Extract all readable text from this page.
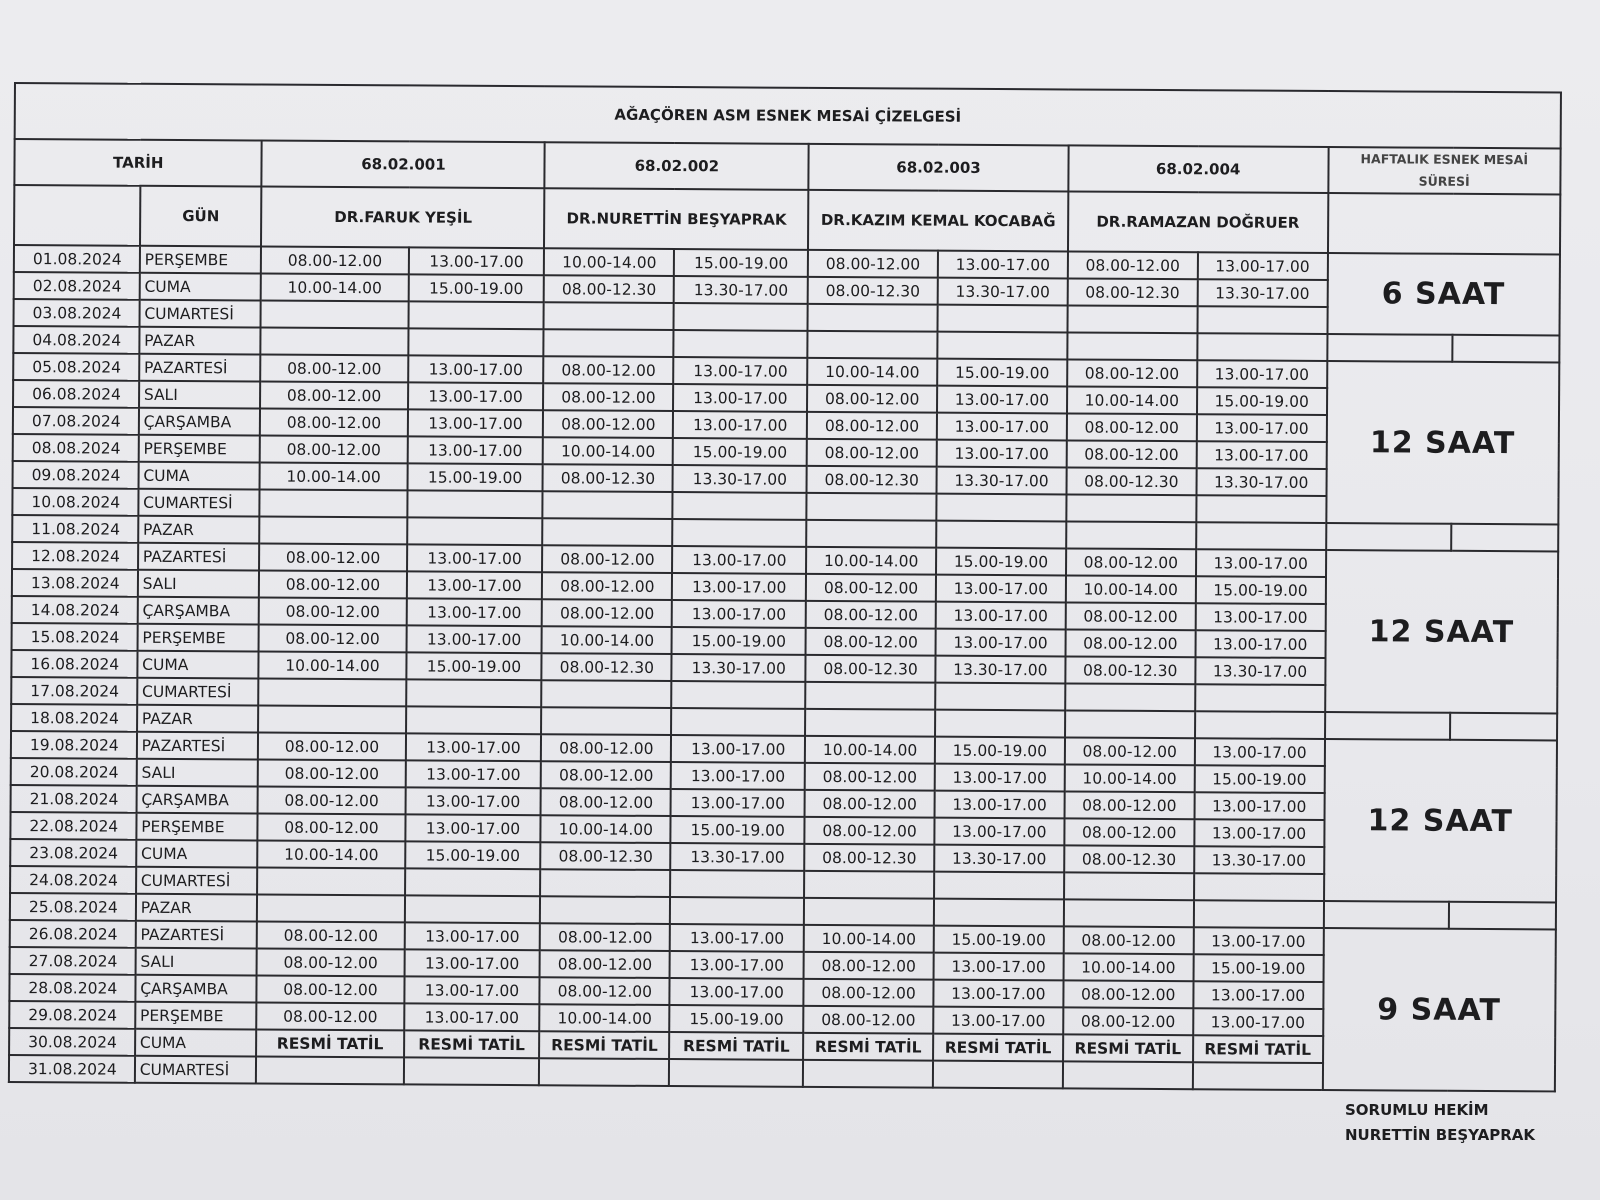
AĞAÇÖREN ASM ESNEK MESAİ ÇİZELGESİ											
TARİH		68.02.001		68.02.002		68.02.003		68.02.004		HAFTALIK ESNEK MESAİ SÜRESİ	
	GÜN	DR.FARUK YEŞİL		DR.NURETTİN BEŞYAPRAK		DR.KAZIM KEMAL KOCABAĞ		DR.RAMAZAN DOĞRUER			
01.08.2024	PERŞEMBE	08.00-12.00	13.00-17.00	10.00-14.00	15.00-19.00	08.00-12.00	13.00-17.00	08.00-12.00	13.00-17.00	6 SAAT	
02.08.2024	CUMA	10.00-14.00	15.00-19.00	08.00-12.30	13.30-17.00	08.00-12.30	13.30-17.00	08.00-12.30	13.30-17.00		
03.08.2024	CUMARTESİ										
04.08.2024	PAZAR										
05.08.2024	PAZARTESİ	08.00-12.00	13.00-17.00	08.00-12.00	13.00-17.00	10.00-14.00	15.00-19.00	08.00-12.00	13.00-17.00	12 SAAT	
06.08.2024	SALI	08.00-12.00	13.00-17.00	08.00-12.00	13.00-17.00	08.00-12.00	13.00-17.00	10.00-14.00	15.00-19.00		
07.08.2024	ÇARŞAMBA	08.00-12.00	13.00-17.00	08.00-12.00	13.00-17.00	08.00-12.00	13.00-17.00	08.00-12.00	13.00-17.00		
08.08.2024	PERŞEMBE	08.00-12.00	13.00-17.00	10.00-14.00	15.00-19.00	08.00-12.00	13.00-17.00	08.00-12.00	13.00-17.00		
09.08.2024	CUMA	10.00-14.00	15.00-19.00	08.00-12.30	13.30-17.00	08.00-12.30	13.30-17.00	08.00-12.30	13.30-17.00		
10.08.2024	CUMARTESİ										
11.08.2024	PAZAR										
12.08.2024	PAZARTESİ	08.00-12.00	13.00-17.00	08.00-12.00	13.00-17.00	10.00-14.00	15.00-19.00	08.00-12.00	13.00-17.00	12 SAAT	
13.08.2024	SALI	08.00-12.00	13.00-17.00	08.00-12.00	13.00-17.00	08.00-12.00	13.00-17.00	10.00-14.00	15.00-19.00		
14.08.2024	ÇARŞAMBA	08.00-12.00	13.00-17.00	08.00-12.00	13.00-17.00	08.00-12.00	13.00-17.00	08.00-12.00	13.00-17.00		
15.08.2024	PERŞEMBE	08.00-12.00	13.00-17.00	10.00-14.00	15.00-19.00	08.00-12.00	13.00-17.00	08.00-12.00	13.00-17.00		
16.08.2024	CUMA	10.00-14.00	15.00-19.00	08.00-12.30	13.30-17.00	08.00-12.30	13.30-17.00	08.00-12.30	13.30-17.00		
17.08.2024	CUMARTESİ										
18.08.2024	PAZAR										
19.08.2024	PAZARTESİ	08.00-12.00	13.00-17.00	08.00-12.00	13.00-17.00	10.00-14.00	15.00-19.00	08.00-12.00	13.00-17.00	12 SAAT	
20.08.2024	SALI	08.00-12.00	13.00-17.00	08.00-12.00	13.00-17.00	08.00-12.00	13.00-17.00	10.00-14.00	15.00-19.00		
21.08.2024	ÇARŞAMBA	08.00-12.00	13.00-17.00	08.00-12.00	13.00-17.00	08.00-12.00	13.00-17.00	08.00-12.00	13.00-17.00		
22.08.2024	PERŞEMBE	08.00-12.00	13.00-17.00	10.00-14.00	15.00-19.00	08.00-12.00	13.00-17.00	08.00-12.00	13.00-17.00		
23.08.2024	CUMA	10.00-14.00	15.00-19.00	08.00-12.30	13.30-17.00	08.00-12.30	13.30-17.00	08.00-12.30	13.30-17.00		
24.08.2024	CUMARTESİ										
25.08.2024	PAZAR										
26.08.2024	PAZARTESİ	08.00-12.00	13.00-17.00	08.00-12.00	13.00-17.00	10.00-14.00	15.00-19.00	08.00-12.00	13.00-17.00	9 SAAT	
27.08.2024	SALI	08.00-12.00	13.00-17.00	08.00-12.00	13.00-17.00	08.00-12.00	13.00-17.00	10.00-14.00	15.00-19.00		
28.08.2024	ÇARŞAMBA	08.00-12.00	13.00-17.00	08.00-12.00	13.00-17.00	08.00-12.00	13.00-17.00	08.00-12.00	13.00-17.00		
29.08.2024	PERŞEMBE	08.00-12.00	13.00-17.00	10.00-14.00	15.00-19.00	08.00-12.00	13.00-17.00	08.00-12.00	13.00-17.00		
30.08.2024	CUMA	RESMİ TATİL	RESMİ TATİL	RESMİ TATİL	RESMİ TATİL	RESMİ TATİL	RESMİ TATİL	RESMİ TATİL	RESMİ TATİL		
31.08.2024	CUMARTESİ										
SORUMLU HEKİM
NURETTİN BEŞYAPRAK
